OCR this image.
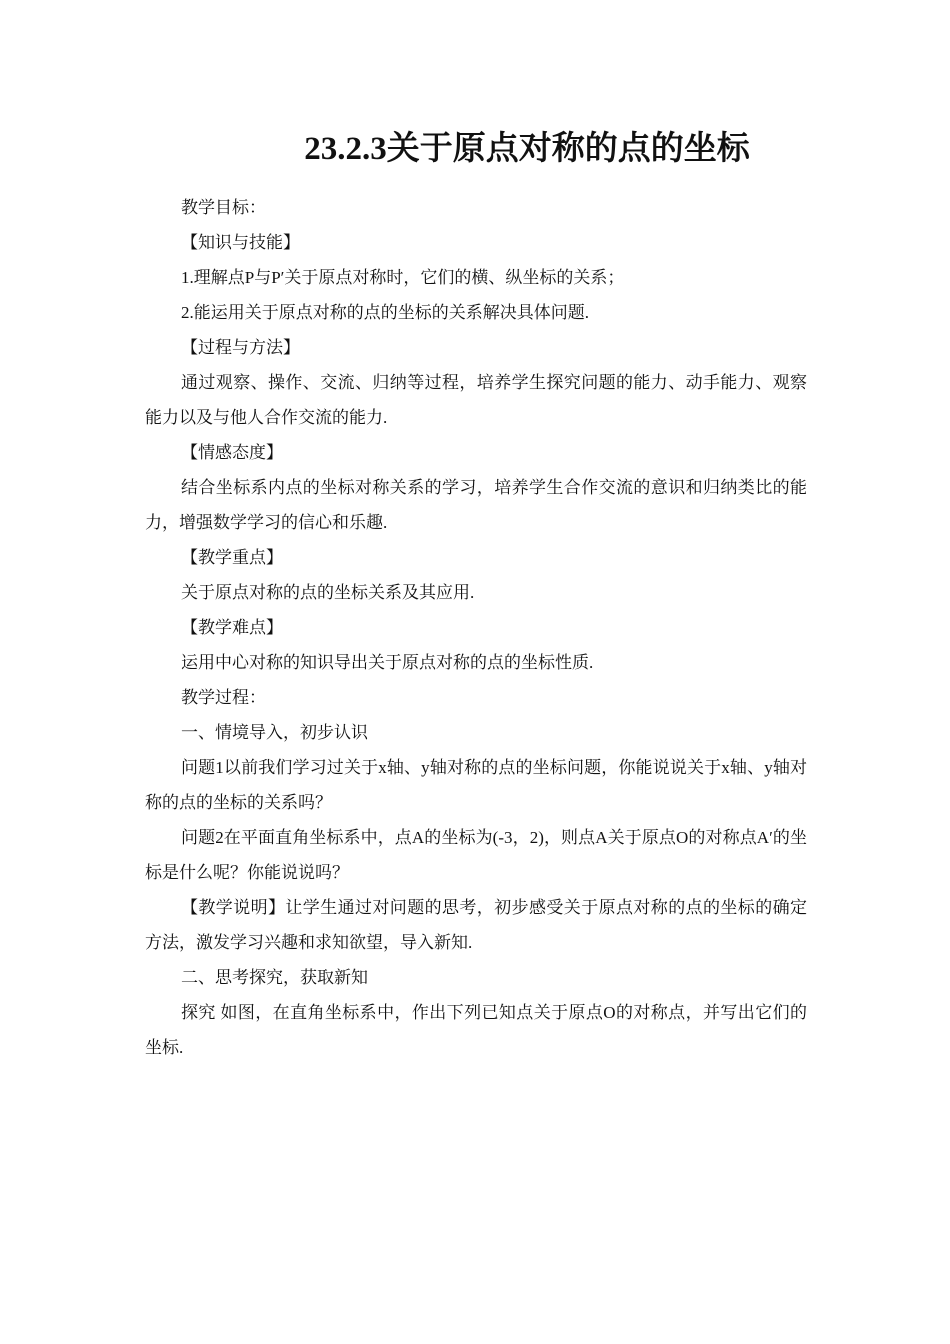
23.2.3关于原点对称的点的坐标

教学目标：

【知识与技能】

1.理解点P与P′关于原点对称时，它们的横、纵坐标的关系；

2.能运用关于原点对称的点的坐标的关系解决具体问题.

【过程与方法】

通过观察、操作、交流、归纳等过程，培养学生探究问题的能力、动手能力、观察能力以及与他人合作交流的能力.

【情感态度】

结合坐标系内点的坐标对称关系的学习，培养学生合作交流的意识和归纳类比的能力，增强数学学习的信心和乐趣.

【教学重点】

关于原点对称的点的坐标关系及其应用.

【教学难点】

运用中心对称的知识导出关于原点对称的点的坐标性质.

教学过程：

一、情境导入，初步认识

问题1以前我们学习过关于x轴、y轴对称的点的坐标问题，你能说说关于x轴、y轴对称的点的坐标的关系吗？

问题2在平面直角坐标系中，点A的坐标为(-3，2)，则点A关于原点O的对称点A′的坐标是什么呢？你能说说吗？

【教学说明】让学生通过对问题的思考，初步感受关于原点对称的点的坐标的确定方法，激发学习兴趣和求知欲望，导入新知.

二、思考探究，获取新知

探究 如图，在直角坐标系中，作出下列已知点关于原点O的对称点，并写出它们的坐标.
